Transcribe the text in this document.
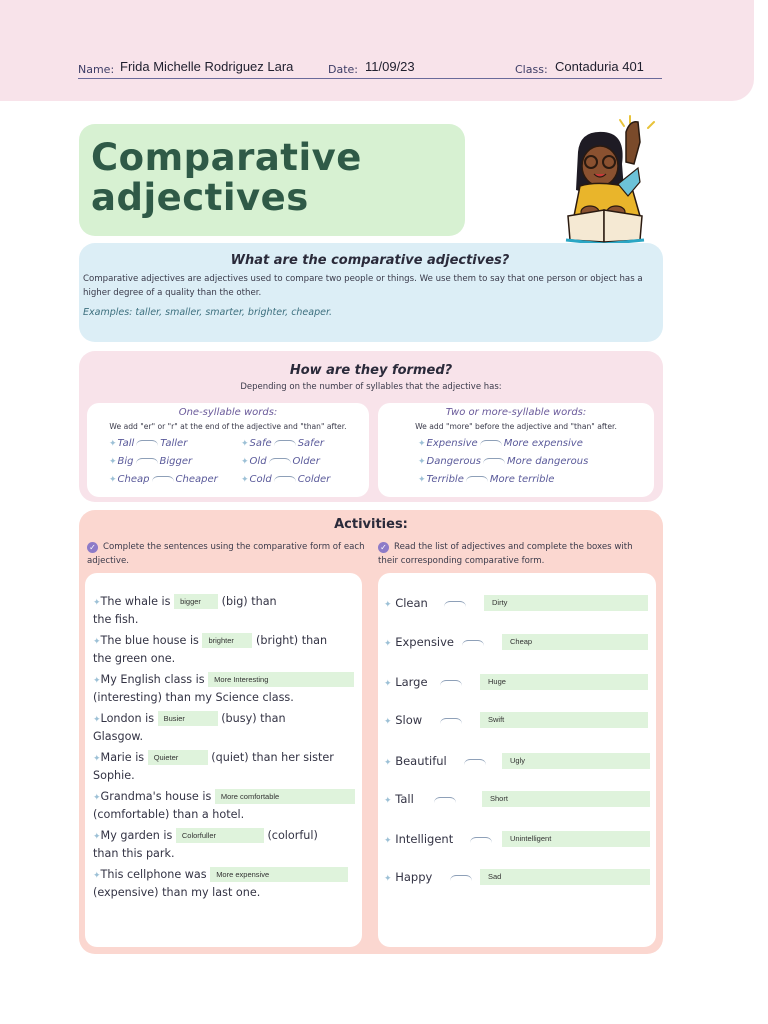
Name: Frida Michelle Rodriguez Lara	Date: 11/09/23	Class: Contaduria 401
Comparative
adjectives
What are the comparative adjectives?

Comparative adjectives are adjectives used to compare two people or things. We use them to say that one person or object has a higher degree of a quality than the other.

Examples: taller, smaller, smarter, brighter, cheaper.
How are they formed?
Depending on the number of syllables that the adjective has:
One-syllable words:
We add "er" or "r" at the end of the adjective and "than" after.
✦Tall	Taller
✦Big	Bigger
✦Cheap	Cheaper
✦Safe	Safer
✦Old	Older
✦Cold	Colder
Two or more-syllable words:
We add "more" before the adjective and "than" after.
✦Expensive	More expensive
✦Dangerous	More dangerous
✦Terrible	More terrible
Activities:
✓ Complete the sentences using the comparative form of each adjective.
✓ Read the list of adjectives and complete the boxes with their corresponding comparative form.
✦The whale is bigger (big) than
the fish.
✦The blue house is brighter (bright) than
the green one.
✦My English class is More Interesting
(interesting) than my Science class.
✦London is Busier	(busy) than
Glasgow.
✦Marie is Quieter	(quiet) than her sister
Sophie.
✦Grandma's house is More comfortable
(comfortable) than a hotel.
✦My garden is Colorfuller	(colorful)
than this park.
✦This cellphone was More expensive
(expensive) than my last one.
✦ Clean	Dirty
✦ Expensive	Cheap
✦ Large	Huge
✦ Slow	Swift
✦ Beautiful	Ugly
✦ Tall	Short
✦ Intelligent	Unintelligent
✦ Happy	Sad
